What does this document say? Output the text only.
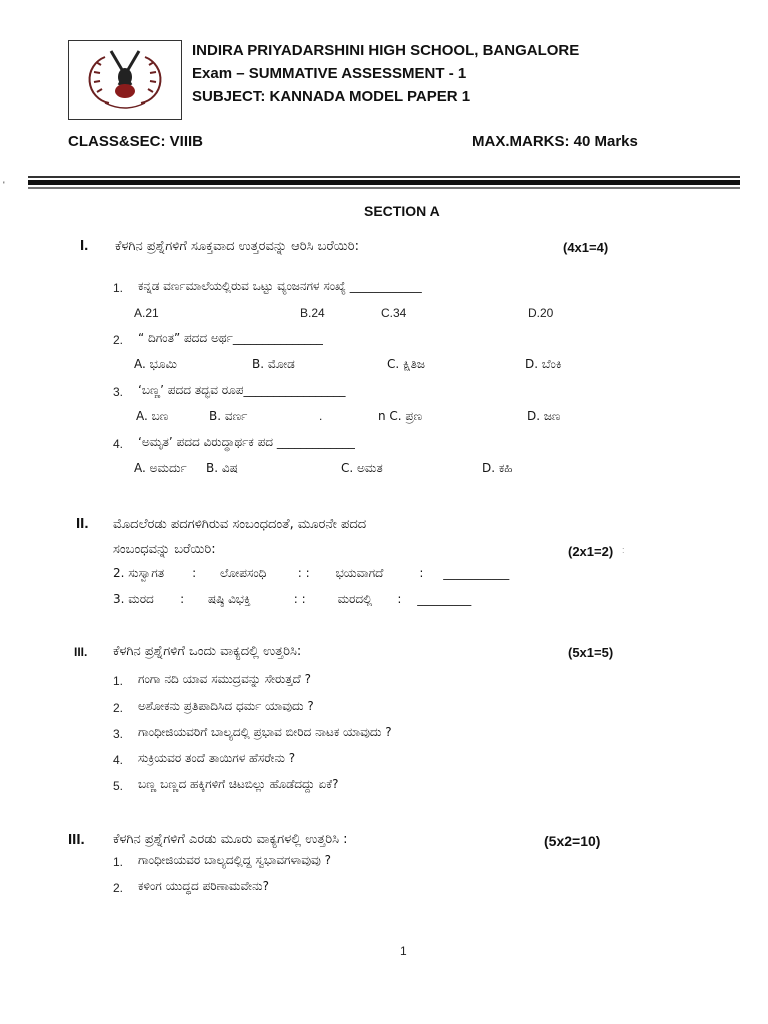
INDIRA PRIYADARSHINI HIGH SCHOOL, BANGALORE
Exam – SUMMATIVE ASSESSMENT - 1
SUBJECT: KANNADA MODEL PAPER 1
CLASS&SEC: VIIIB	MAX.MARKS: 40 Marks
'
SECTION A
I. ಕೆಳಗಿನ ಪ್ರಶ್ನೆಗಳಿಗೆ ಸೂಕ್ತವಾದ ಉತ್ತರವನ್ನು ಆರಿಸಿ ಬರೆಯಿರಿ:	(4x1=4)
1. ಕನ್ನಡ ವರ್ಣಮಾಲೆಯಲ್ಲಿರುವ ಒಟ್ಟು ವ್ಯಂಜನಗಳ ಸಂಖ್ಯೆ ____________
A.21	B.24	C.34	D.20
2. “ ದಿಗಂತ” ಪದದ ಅರ್ಥ_______________
A. ಭೂಮಿ	B. ಮೋಡ	C. ಕ್ಷಿತಿಜ	D. ಬೆಂಕಿ
3. ‘ಬಣ್ಣ’ ಪದದ ತದ್ಭವ ರೂಪ_________________
A. ಬಣ	B. ವರ್ಣ	.	n C. ಪ್ರಣ	D. ಜಣ
4. ‘ಅಮೃತ’ ಪದದ ವಿರುದ್ಧಾರ್ಥಕ ಪದ _____________
A. ಅಮರ್ದು B. ವಿಷ	C. ಅಮತ	D. ಕಹಿ
II. ಮೊದಲೆರಡು ಪದಗಳಿಗಿರುವ ಸಂಬಂಧದಂತೆ, ಮೂರನೇ ಪದದ
ಸಂಬಂಧವನ್ನು ಬರೆಯಿರಿ:	(2x1=2) :
2. ಸುಸ್ವಾಗತ : ಲೋಪಸಂಧಿ	: : ಭಯವಾಗದೆ	: ___________
3. ಮರದ : ಷಷ್ಠಿ ವಿಭಕ್ತಿ	: :	ಮರದಲ್ಲಿ : _________
III. ಕೆಳಗಿನ ಪ್ರಶ್ನೆಗಳಿಗೆ ಒಂದು ವಾಕ್ಯದಲ್ಲಿ ಉತ್ತರಿಸಿ:	(5x1=5)
1. ಗಂಗಾ ನದಿ ಯಾವ ಸಮುದ್ರವನ್ನು ಸೇರುತ್ತದೆ ?
2. ಅಶೋಕನು ಪ್ರತಿಪಾದಿಸಿದ ಧರ್ಮ ಯಾವುದು ?
3. ಗಾಂಧೀಜಿಯವರಿಗೆ ಬಾಲ್ಯದಲ್ಲಿ ಪ್ರಭಾವ ಬೀರಿದ ನಾಟಕ ಯಾವುದು ?
4. ಸುಕ್ರಿಯವರ ತಂದೆ ತಾಯಿಗಳ ಹೆಸರೇನು ?
5. ಬಣ್ಣ ಬಣ್ಣದ ಹಕ್ಕಿಗಳಿಗೆ ಚಿಟಬಿಲ್ಲು ಹೊಡೆದದ್ದು ಏಕೆ?
III. ಕೆಳಗಿನ ಪ್ರಶ್ನೆಗಳಿಗೆ ಎರಡು ಮೂರು ವಾಕ್ಯಗಳಲ್ಲಿ ಉತ್ತರಿಸಿ :	(5x2=10)
1. ಗಾಂಧೀಜಿಯವರ ಬಾಲ್ಯದಲ್ಲಿದ್ದ ಸ್ವಭಾವಗಳಾವುವು ?
2. ಕಳಿಂಗ ಯುದ್ಧದ ಪರಿಣಾಮವೇನು?
1
